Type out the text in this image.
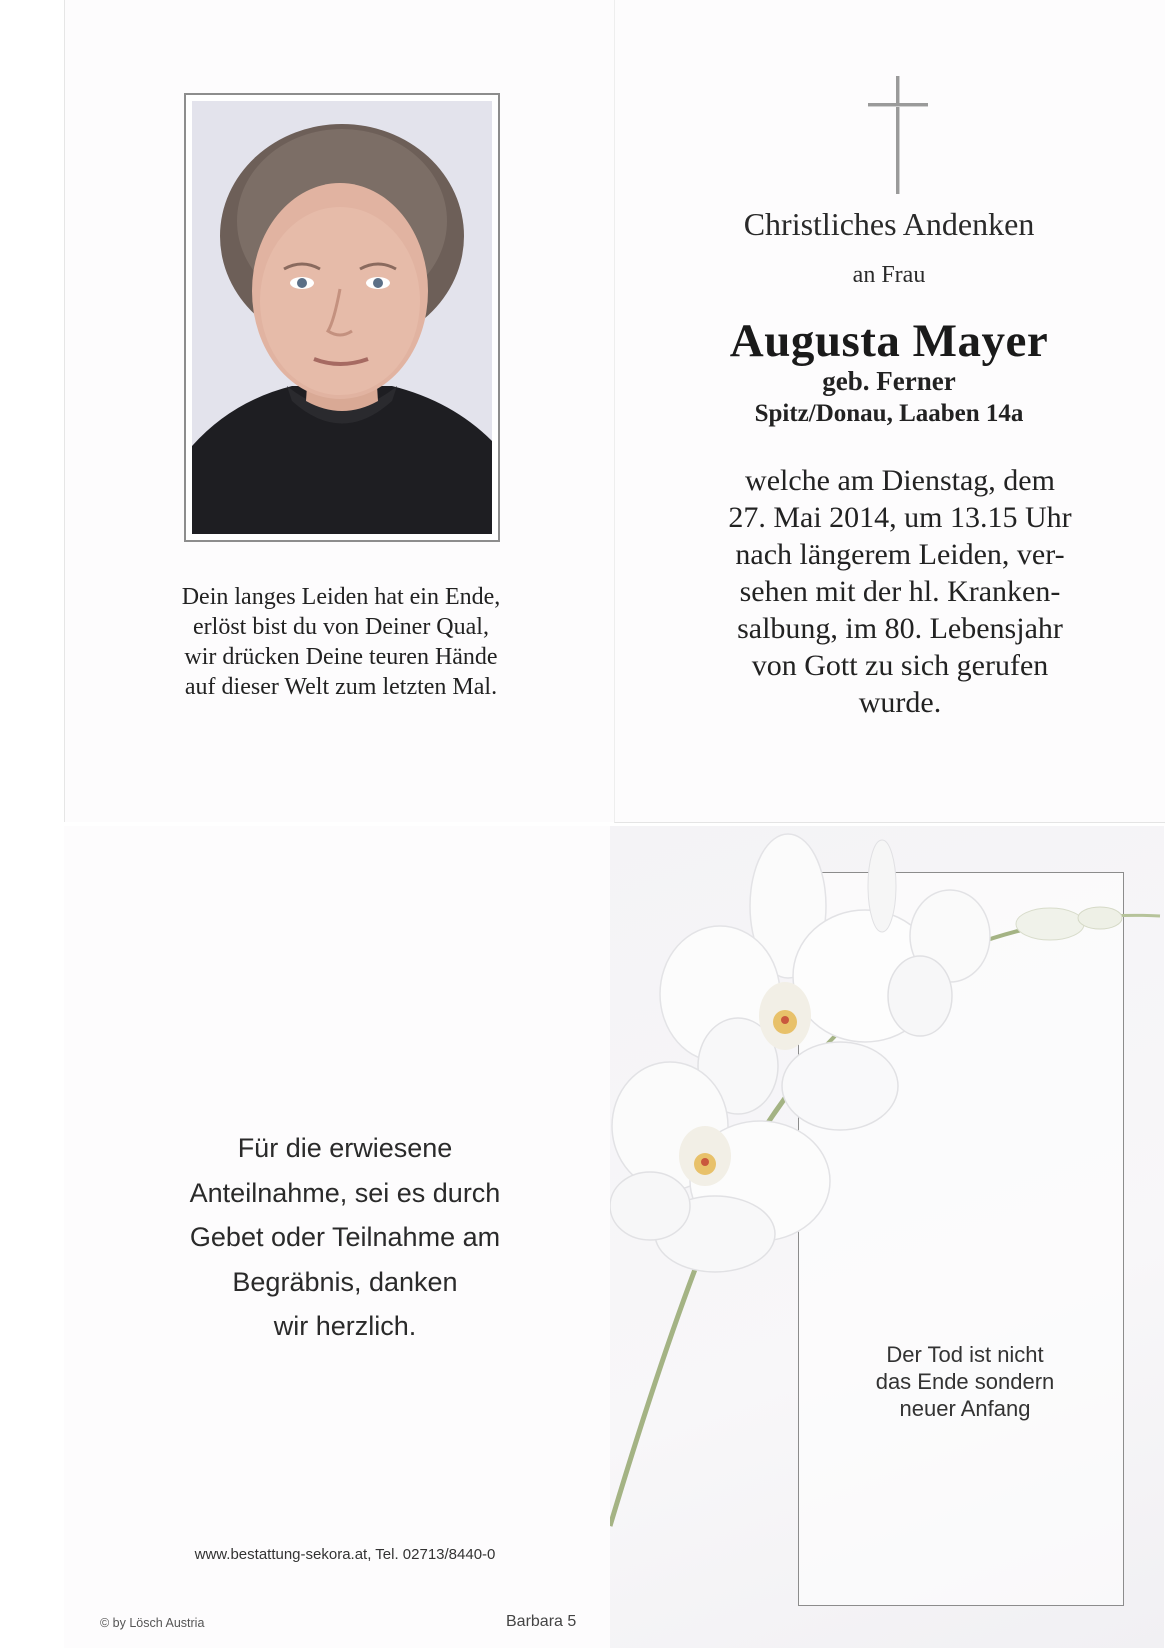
Dein langes Leiden hat ein Ende,
erlöst bist du von Deiner Qual,
wir drücken Deine teuren Hände
auf dieser Welt zum letzten Mal.
Christliches Andenken
an Frau
Augusta Mayer
geb. Ferner
Spitz/Donau, Laaben 14a
welche am Dienstag, dem
27. Mai 2014, um 13.15 Uhr
nach längerem Leiden, ver-
sehen mit der hl. Kranken-
salbung, im 80. Lebensjahr
von Gott zu sich gerufen
wurde.
Für die erwiesene
Anteilnahme, sei es durch
Gebet oder Teilnahme am
Begräbnis, danken
wir herzlich.
www.bestattung-sekora.at, Tel. 02713/8440-0
© by Lösch Austria	Barbara 5
Der Tod ist nicht
das Ende sondern
neuer Anfang
